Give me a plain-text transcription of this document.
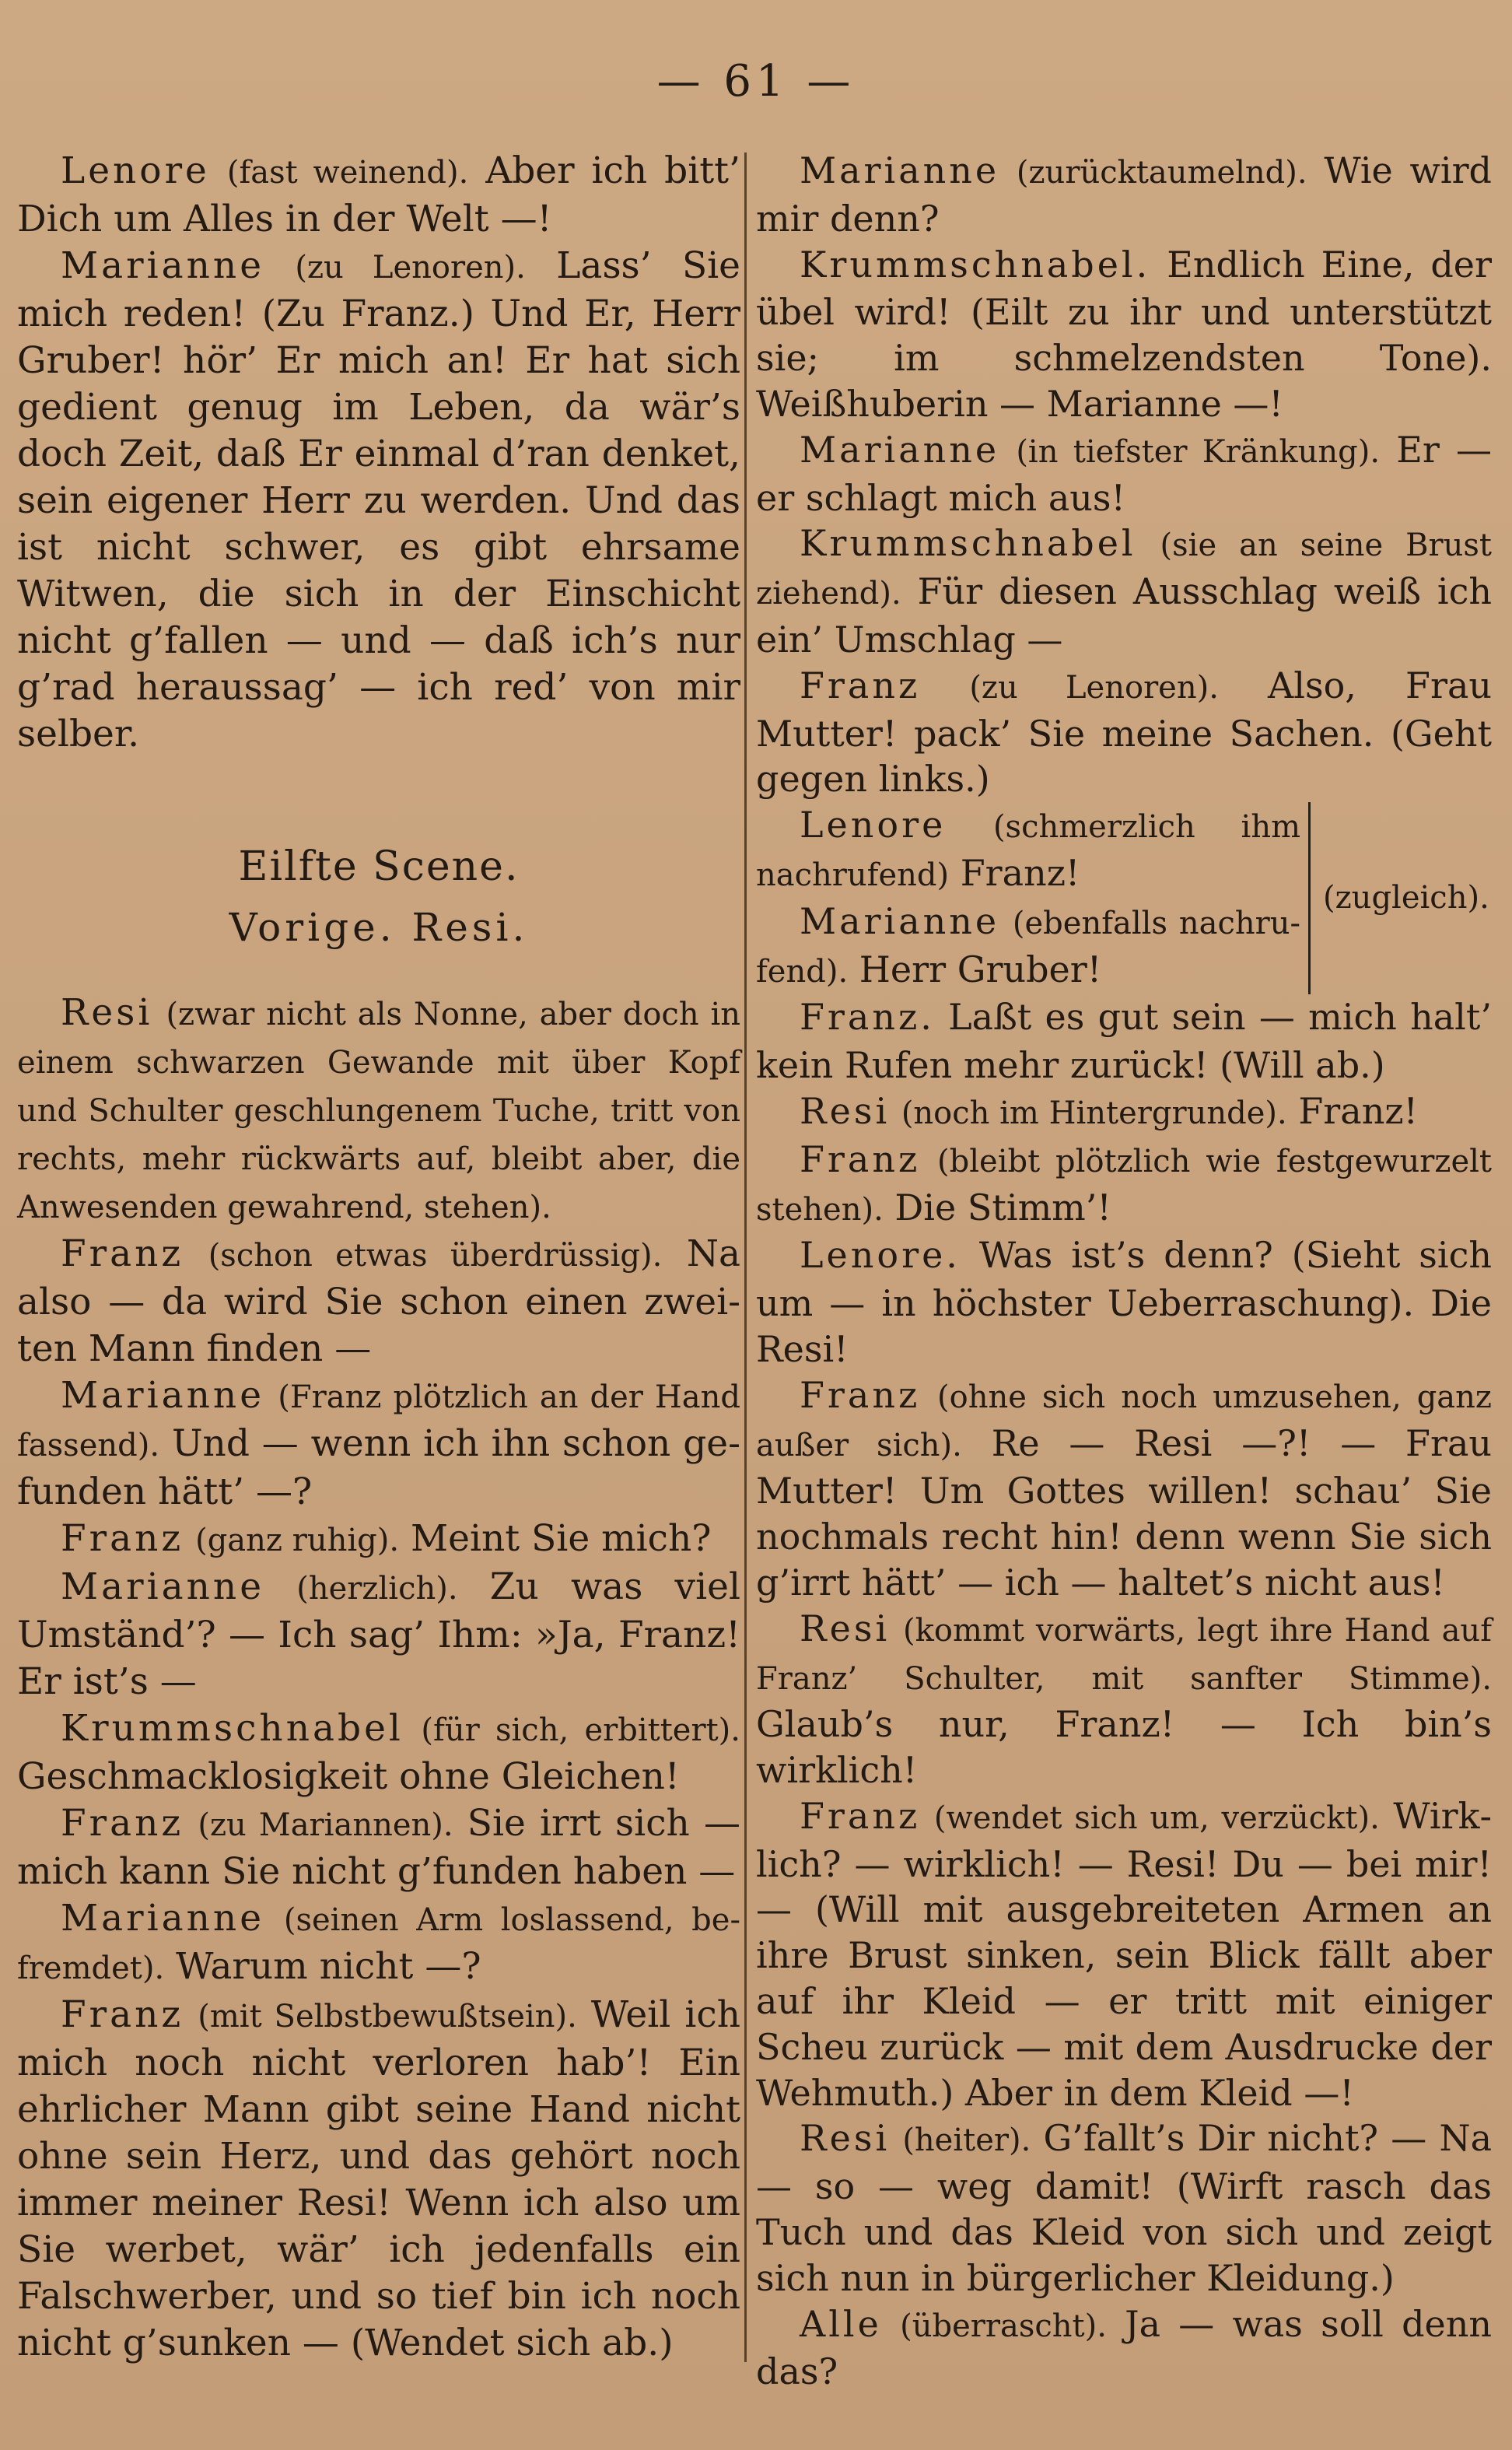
— 61 —

Lenore (fast weinend). Aber ich bitt’ Dich um Alles in der Welt —!

Marianne (zu Lenoren). Lass’ Sie mich reden! (Zu Franz.) Und Er, Herr Gruber! hör’ Er mich an! Er hat sich gedient genug im Leben, da wär’s doch Zeit, daß Er einmal d’ran denket, sein eigener Herr zu werden. Und das ist nicht schwer, es gibt ehrsame Witwen, die sich in der Einschicht nicht g’fallen — und — daß ich’s nur g’rad heraussag’ — ich red’ von mir selber.

Eilfte Scene.
Vorige. Resi.

Resi (zwar nicht als Nonne, aber doch in einem schwarzen Gewande mit über Kopf und Schulter geschlungenem Tuche, tritt von rechts, mehr rückwärts auf, bleibt aber, die Anwesenden gewahrend, stehen).

Franz (schon etwas überdrüssig). Na also — da wird Sie schon einen zweiten Mann finden —

Marianne (Franz plötzlich an der Hand fassend). Und — wenn ich ihn schon gefunden hätt’ —?

Franz (ganz ruhig). Meint Sie mich?

Marianne (herzlich). Zu was viel Umständ’? — Ich sag’ Ihm: »Ja, Franz! Er ist’s —

Krummschnabel (für sich, erbittert). Geschmacklosigkeit ohne Gleichen!

Franz (zu Mariannen). Sie irrt sich — mich kann Sie nicht g’funden haben —

Marianne (seinen Arm loslassend, befremdet). Warum nicht —?

Franz (mit Selbstbewußtsein). Weil ich mich noch nicht verloren hab’! Ein ehrlicher Mann gibt seine Hand nicht ohne sein Herz, und das gehört noch immer meiner Resi! Wenn ich also um Sie werbet, wär’ ich jedenfalls ein Falschwerber, und so tief bin ich noch nicht g’sunken — (Wendet sich ab.)

Marianne (zurücktaumelnd). Wie wird mir denn?

Krummschnabel. Endlich Eine, der übel wird! (Eilt zu ihr und unterstützt sie; im schmelzendsten Tone). Weißhuberin — Marianne —!

Marianne (in tiefster Kränkung). Er — er schlagt mich aus!

Krummschnabel (sie an seine Brust ziehend). Für diesen Ausschlag weiß ich ein’ Umschlag —

Franz (zu Lenoren). Also, Frau Mutter! pack’ Sie meine Sachen. (Geht gegen links.)

Lenore (schmerzlich ihm nachrufend) Franz!

Marianne (ebenfalls nachrufend). Herr Gruber!

(zugleich).

Franz. Laßt es gut sein — mich halt’ kein Rufen mehr zurück! (Will ab.)

Resi (noch im Hintergrunde). Franz!

Franz (bleibt plötzlich wie festgewurzelt stehen). Die Stimm’!

Lenore. Was ist’s denn? (Sieht sich um — in höchster Ueberraschung). Die Resi!

Franz (ohne sich noch umzusehen, ganz außer sich). Re — Resi —?! — Frau Mutter! Um Gottes willen! schau’ Sie nochmals recht hin! denn wenn Sie sich g’irrt hätt’ — ich — haltet’s nicht aus!

Resi (kommt vorwärts, legt ihre Hand auf Franz’ Schulter, mit sanfter Stimme). Glaub’s nur, Franz! — Ich bin’s wirklich!

Franz (wendet sich um, verzückt). Wirklich? — wirklich! — Resi! Du — bei mir! — (Will mit ausgebreiteten Armen an ihre Brust sinken, sein Blick fällt aber auf ihr Kleid — er tritt mit einiger Scheu zurück — mit dem Ausdrucke der Wehmuth.) Aber in dem Kleid —!

Resi (heiter). G’fallt’s Dir nicht? — Na — so — weg damit! (Wirft rasch das Tuch und das Kleid von sich und zeigt sich nun in bürgerlicher Kleidung.)

Alle (überrascht). Ja — was soll denn das?
